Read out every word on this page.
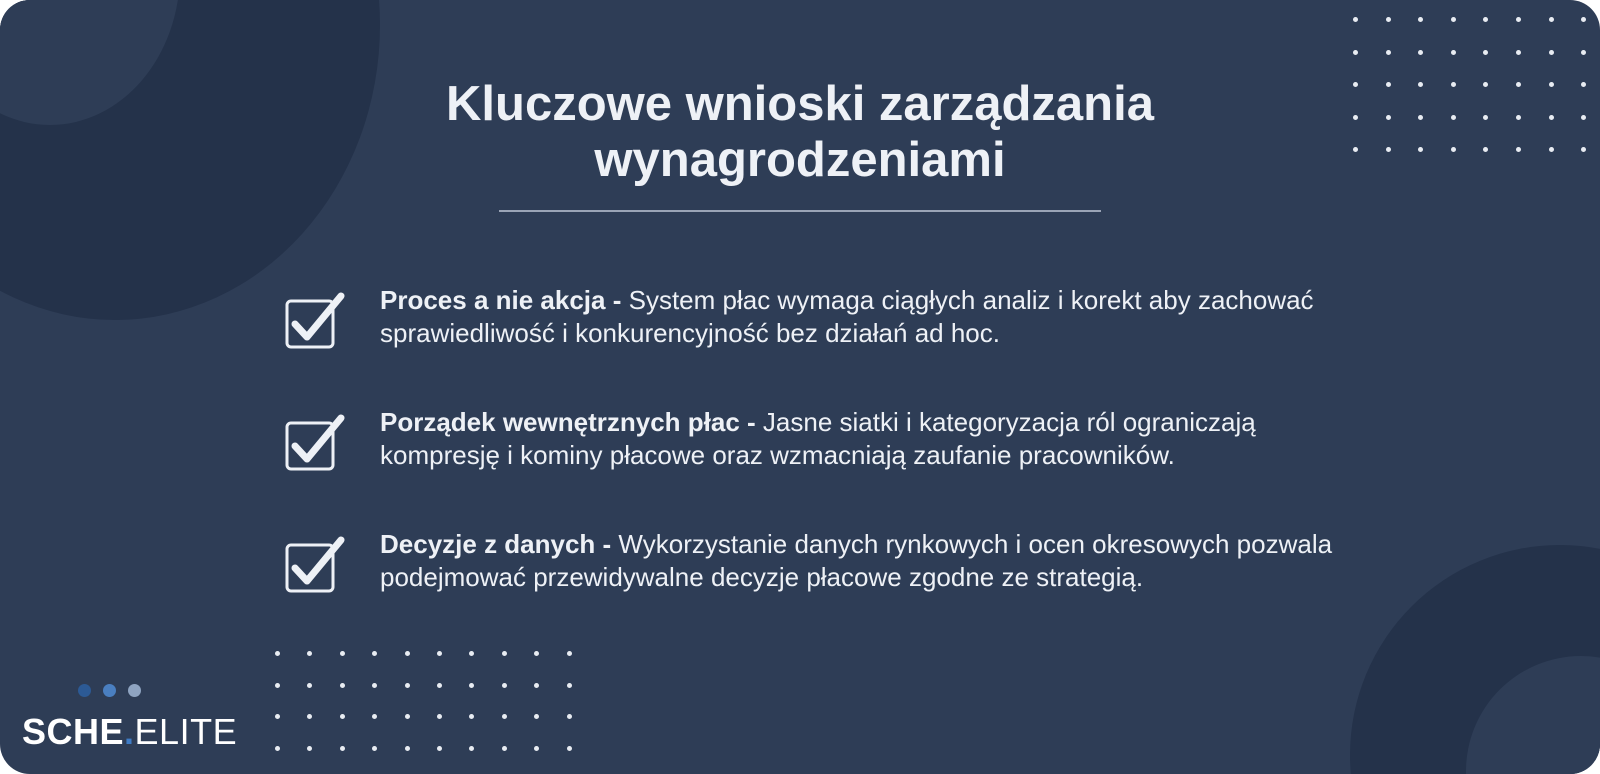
Kluczowe wnioski zarządzania wynagrodzeniami

Proces a nie akcja - System płac wymaga ciągłych analiz i korekt aby zachować sprawiedliwość i konkurencyjność bez działań ad hoc.

Porządek wewnętrznych płac - Jasne siatki i kategoryzacja ról ograniczają kompresję i kominy płacowe oraz wzmacniają zaufanie pracowników.

Decyzje z danych - Wykorzystanie danych rynkowych i ocen okresowych pozwala podejmować przewidywalne decyzje płacowe zgodne ze strategią.

SCHE.ELITE
